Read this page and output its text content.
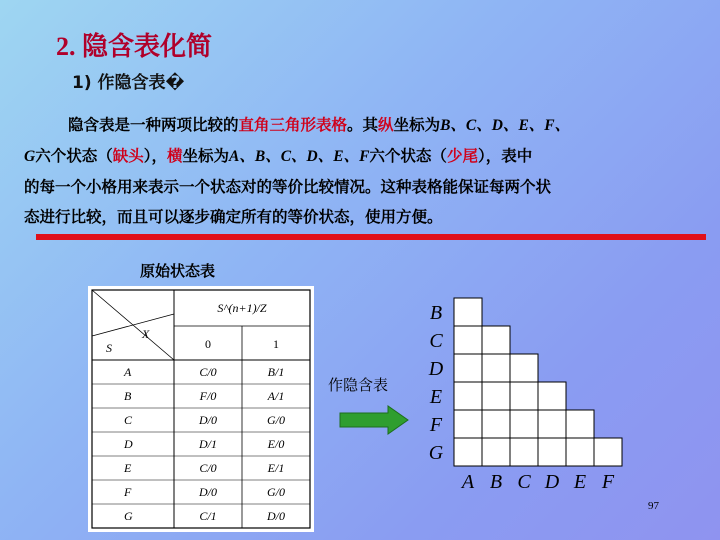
2. 隐含表化简
1) 作隐含表�
隐含表是一种两项比较的直角三角形表格。其纵坐标为B、C、D、E、F、
G六个状态（缺头），横坐标为A、B、C、D、E、F六个状态（少尾），表中
的每一个小格用来表示一个状态对的等价比较情况。这种表格能保证每两个状
态进行比较，而且可以逐步确定所有的等价状态，使用方便。
原始状态表
S
X
S^(n+1)/Z
0	1
A	C/0	B/1
B	F/0	A/1
C	D/0	G/0
D	D/1	E/0
E	C/0	E/1
F	D/0	G/0
G	C/1	D/0
作隐含表
B
C
D
E
F
G
A B C D E F
97
